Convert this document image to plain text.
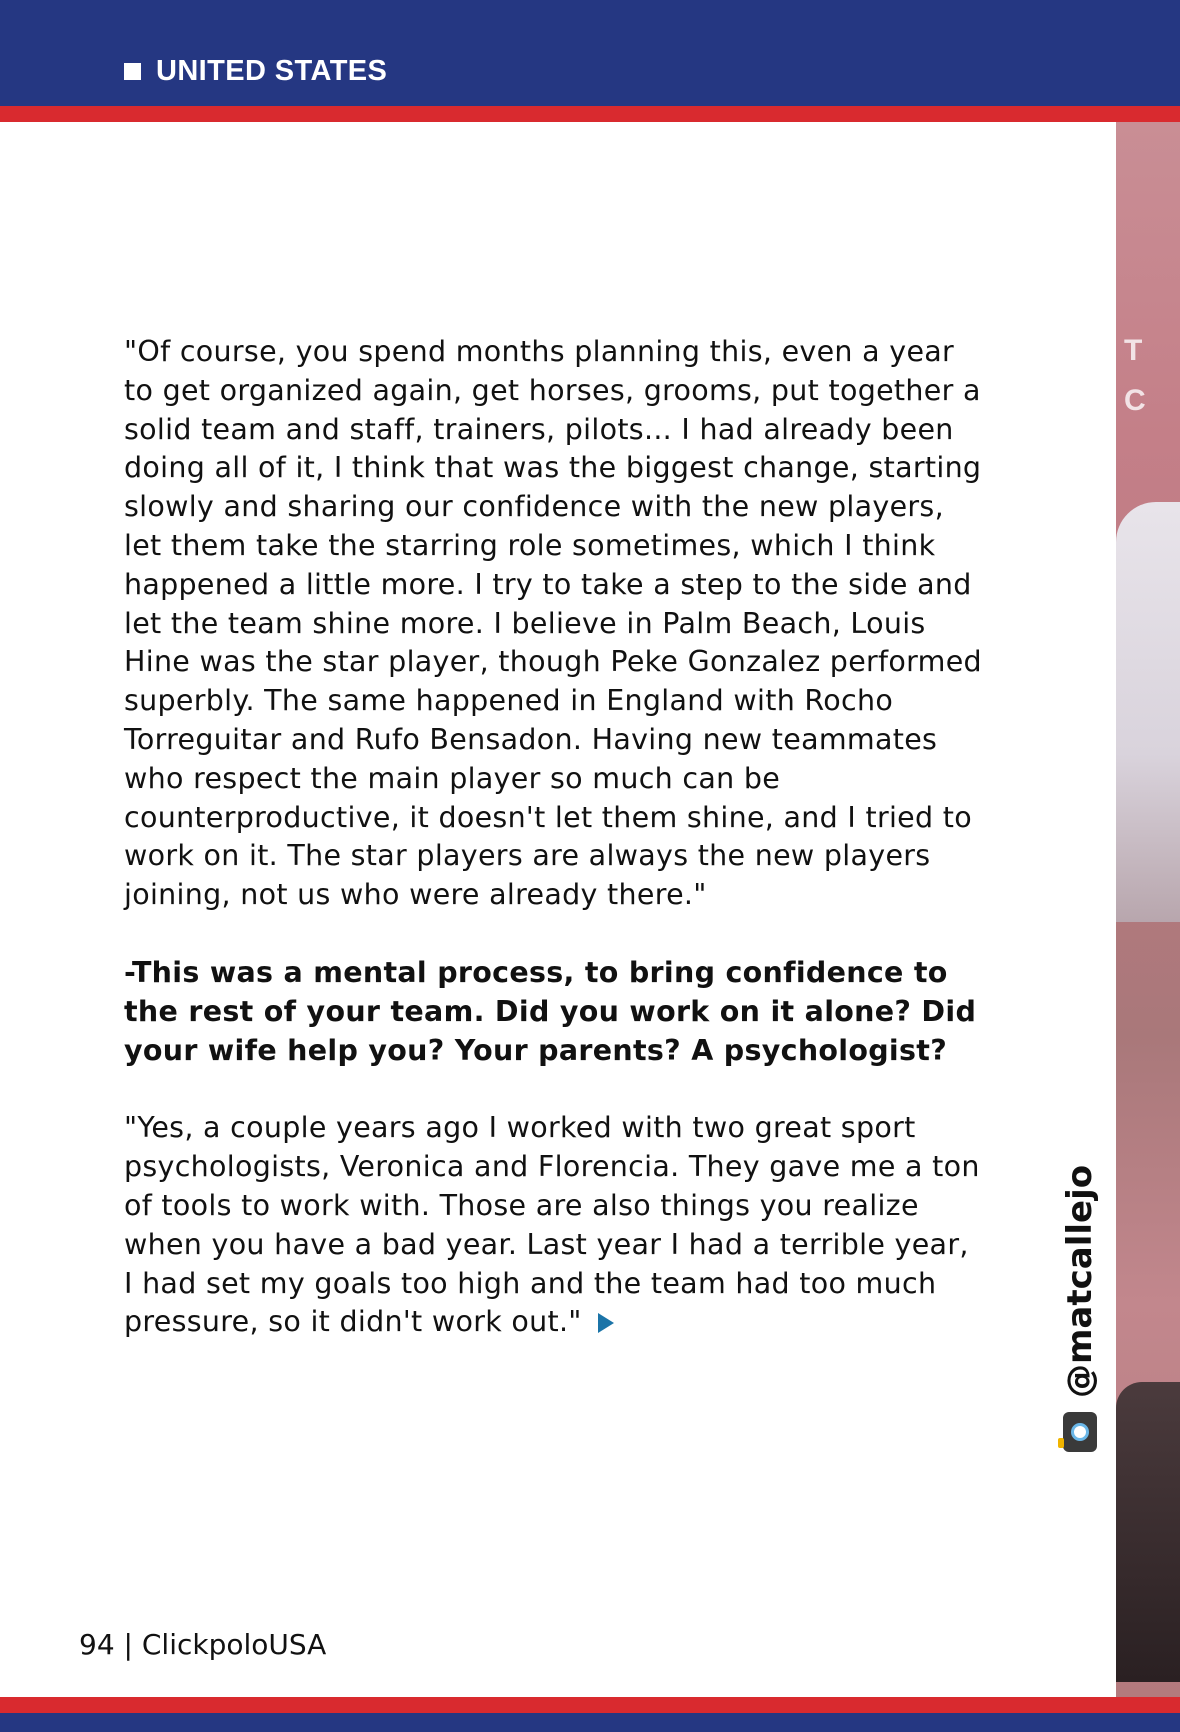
UNITED STATES
T
C

"Of course, you spend months planning this, even a year to get organized again, get horses, grooms, put together a solid team and staff, trainers, pilots... I had already been doing all of it, I think that was the biggest change, starting slowly and sharing our confidence with the new players, let them take the starring role sometimes, which I think happened a little more. I try to take a step to the side and let the team shine more. I believe in Palm Beach, Louis Hine was the star player, though Peke Gonzalez performed superbly. The same happened in England with Rocho Torreguitar and Rufo Bensadon. Having new teammates who respect the main player so much can be counterproductive, it doesn't let them shine, and I tried to work on it. The star players are always the new players joining, not us who were already there."

-This was a mental process, to bring confidence to the rest of your team. Did you work on it alone? Did your wife help you? Your parents? A psychologist?

"Yes, a couple years ago I worked with two great sport psychologists, Veronica and Florencia. They gave me a ton of tools to work with. Those are also things you realize when you have a bad year. Last year I had a terrible year, I had set my goals too high and the team had too much pressure, so it didn't work out."	@matcallejo
94 | ClickpoloUSA
